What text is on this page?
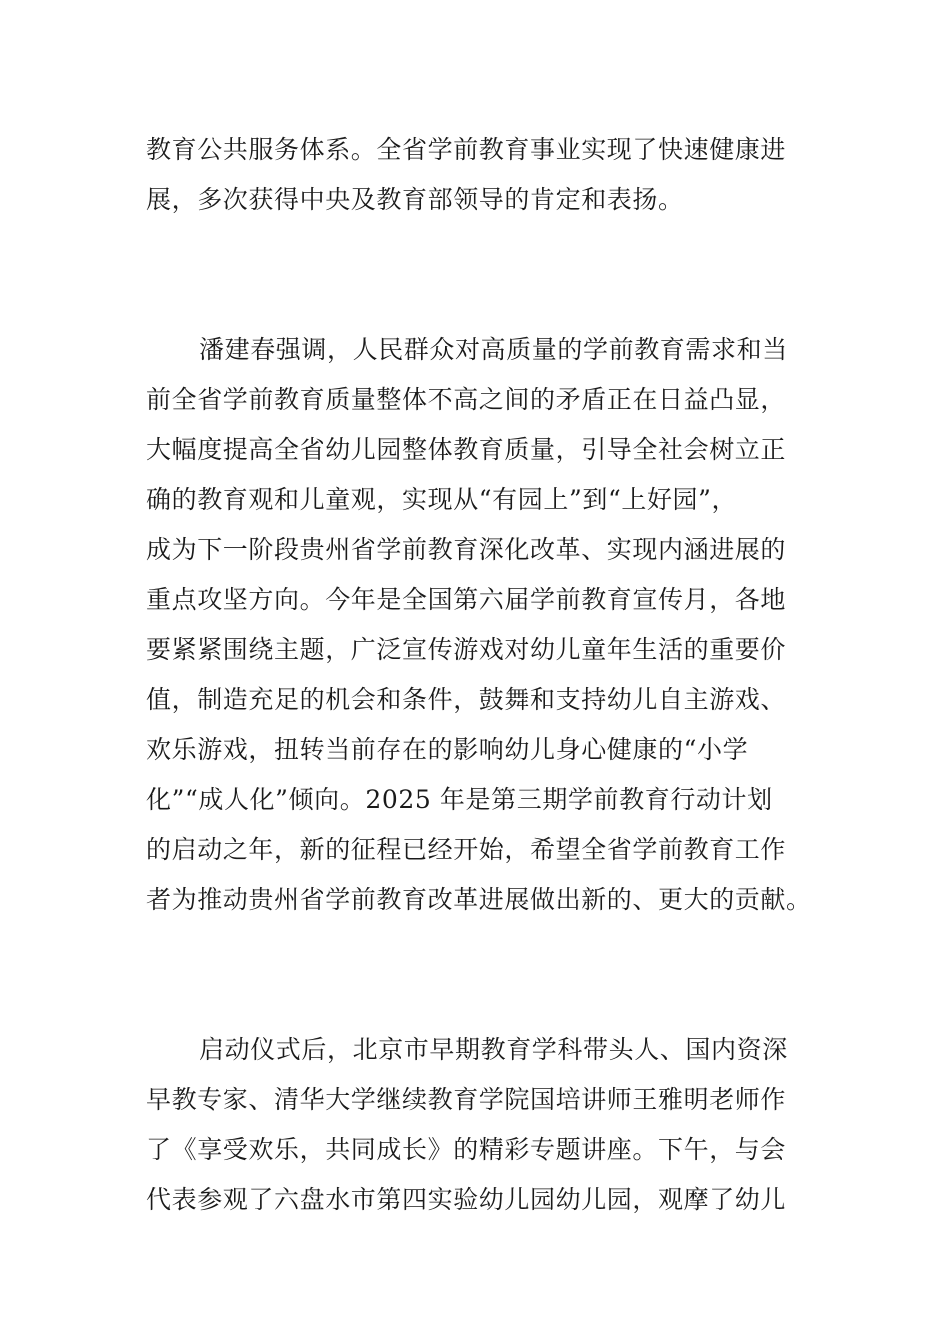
教育公共服务体系。全省学前教育事业实现了快速健康进
展，多次获得中央及教育部领导的肯定和表扬。
潘建春强调，人民群众对高质量的学前教育需求和当
前全省学前教育质量整体不高之间的矛盾正在日益凸显，
大幅度提高全省幼儿园整体教育质量，引导全社会树立正
确的教育观和儿童观，实现从“有园上”到“上好园”，
成为下一阶段贵州省学前教育深化改革、实现内涵进展的
重点攻坚方向。今年是全国第六届学前教育宣传月，各地
要紧紧围绕主题，广泛宣传游戏对幼儿童年生活的重要价
值，制造充足的机会和条件，鼓舞和支持幼儿自主游戏、
欢乐游戏，扭转当前存在的影响幼儿身心健康的“小学
化”“成人化”倾向。2025 年是第三期学前教育行动计划
的启动之年，新的征程已经开始，希望全省学前教育工作
者为推动贵州省学前教育改革进展做出新的、更大的贡献。
启动仪式后，北京市早期教育学科带头人、国内资深
早教专家、清华大学继续教育学院国培讲师王雅明老师作
了《享受欢乐，共同成长》的精彩专题讲座。下午，与会
代表参观了六盘水市第四实验幼儿园幼儿园，观摩了幼儿
